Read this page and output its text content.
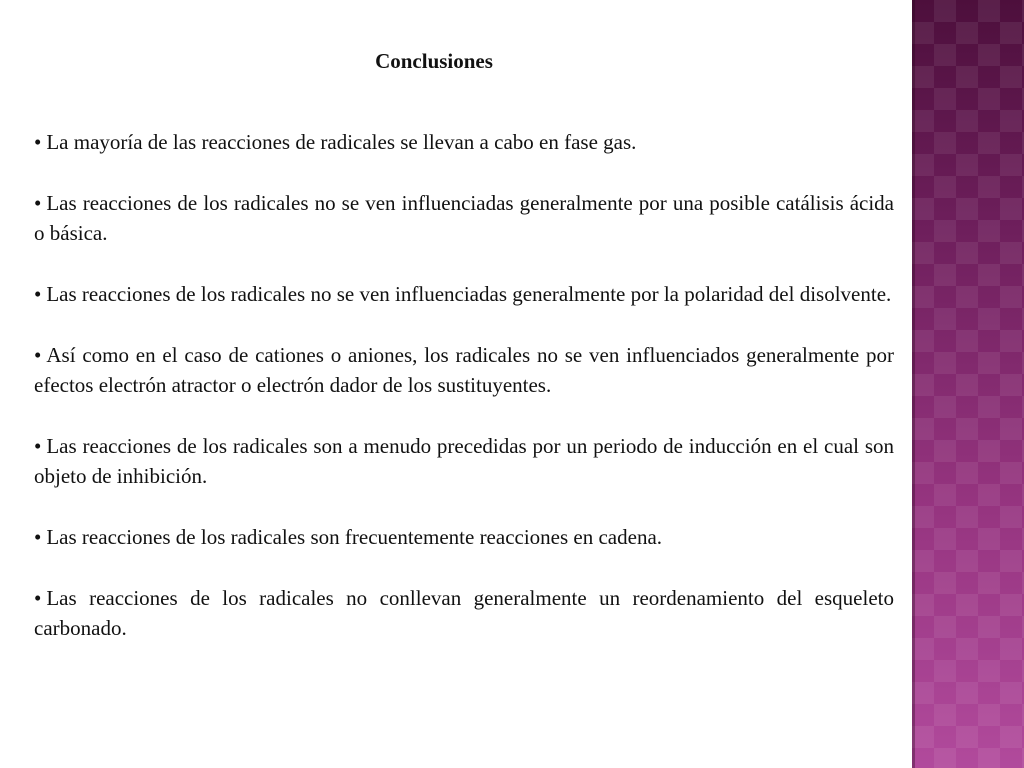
Conclusiones
• La mayoría de las reacciones de radicales se llevan a cabo en fase gas.
• Las reacciones de los radicales no se ven influenciadas generalmente por una posible catálisis ácida o básica.
• Las reacciones de los radicales no se ven influenciadas generalmente por la polaridad del disolvente.
• Así como en el caso de cationes o aniones, los radicales no se ven influenciados generalmente por efectos electrón atractor o electrón dador de los sustituyentes.
• Las reacciones de los radicales son a menudo precedidas por un periodo de inducción en el cual son objeto de inhibición.
• Las reacciones de los radicales son frecuentemente reacciones en cadena.
• Las reacciones de los radicales no conllevan generalmente un reordenamiento del esqueleto carbonado.
